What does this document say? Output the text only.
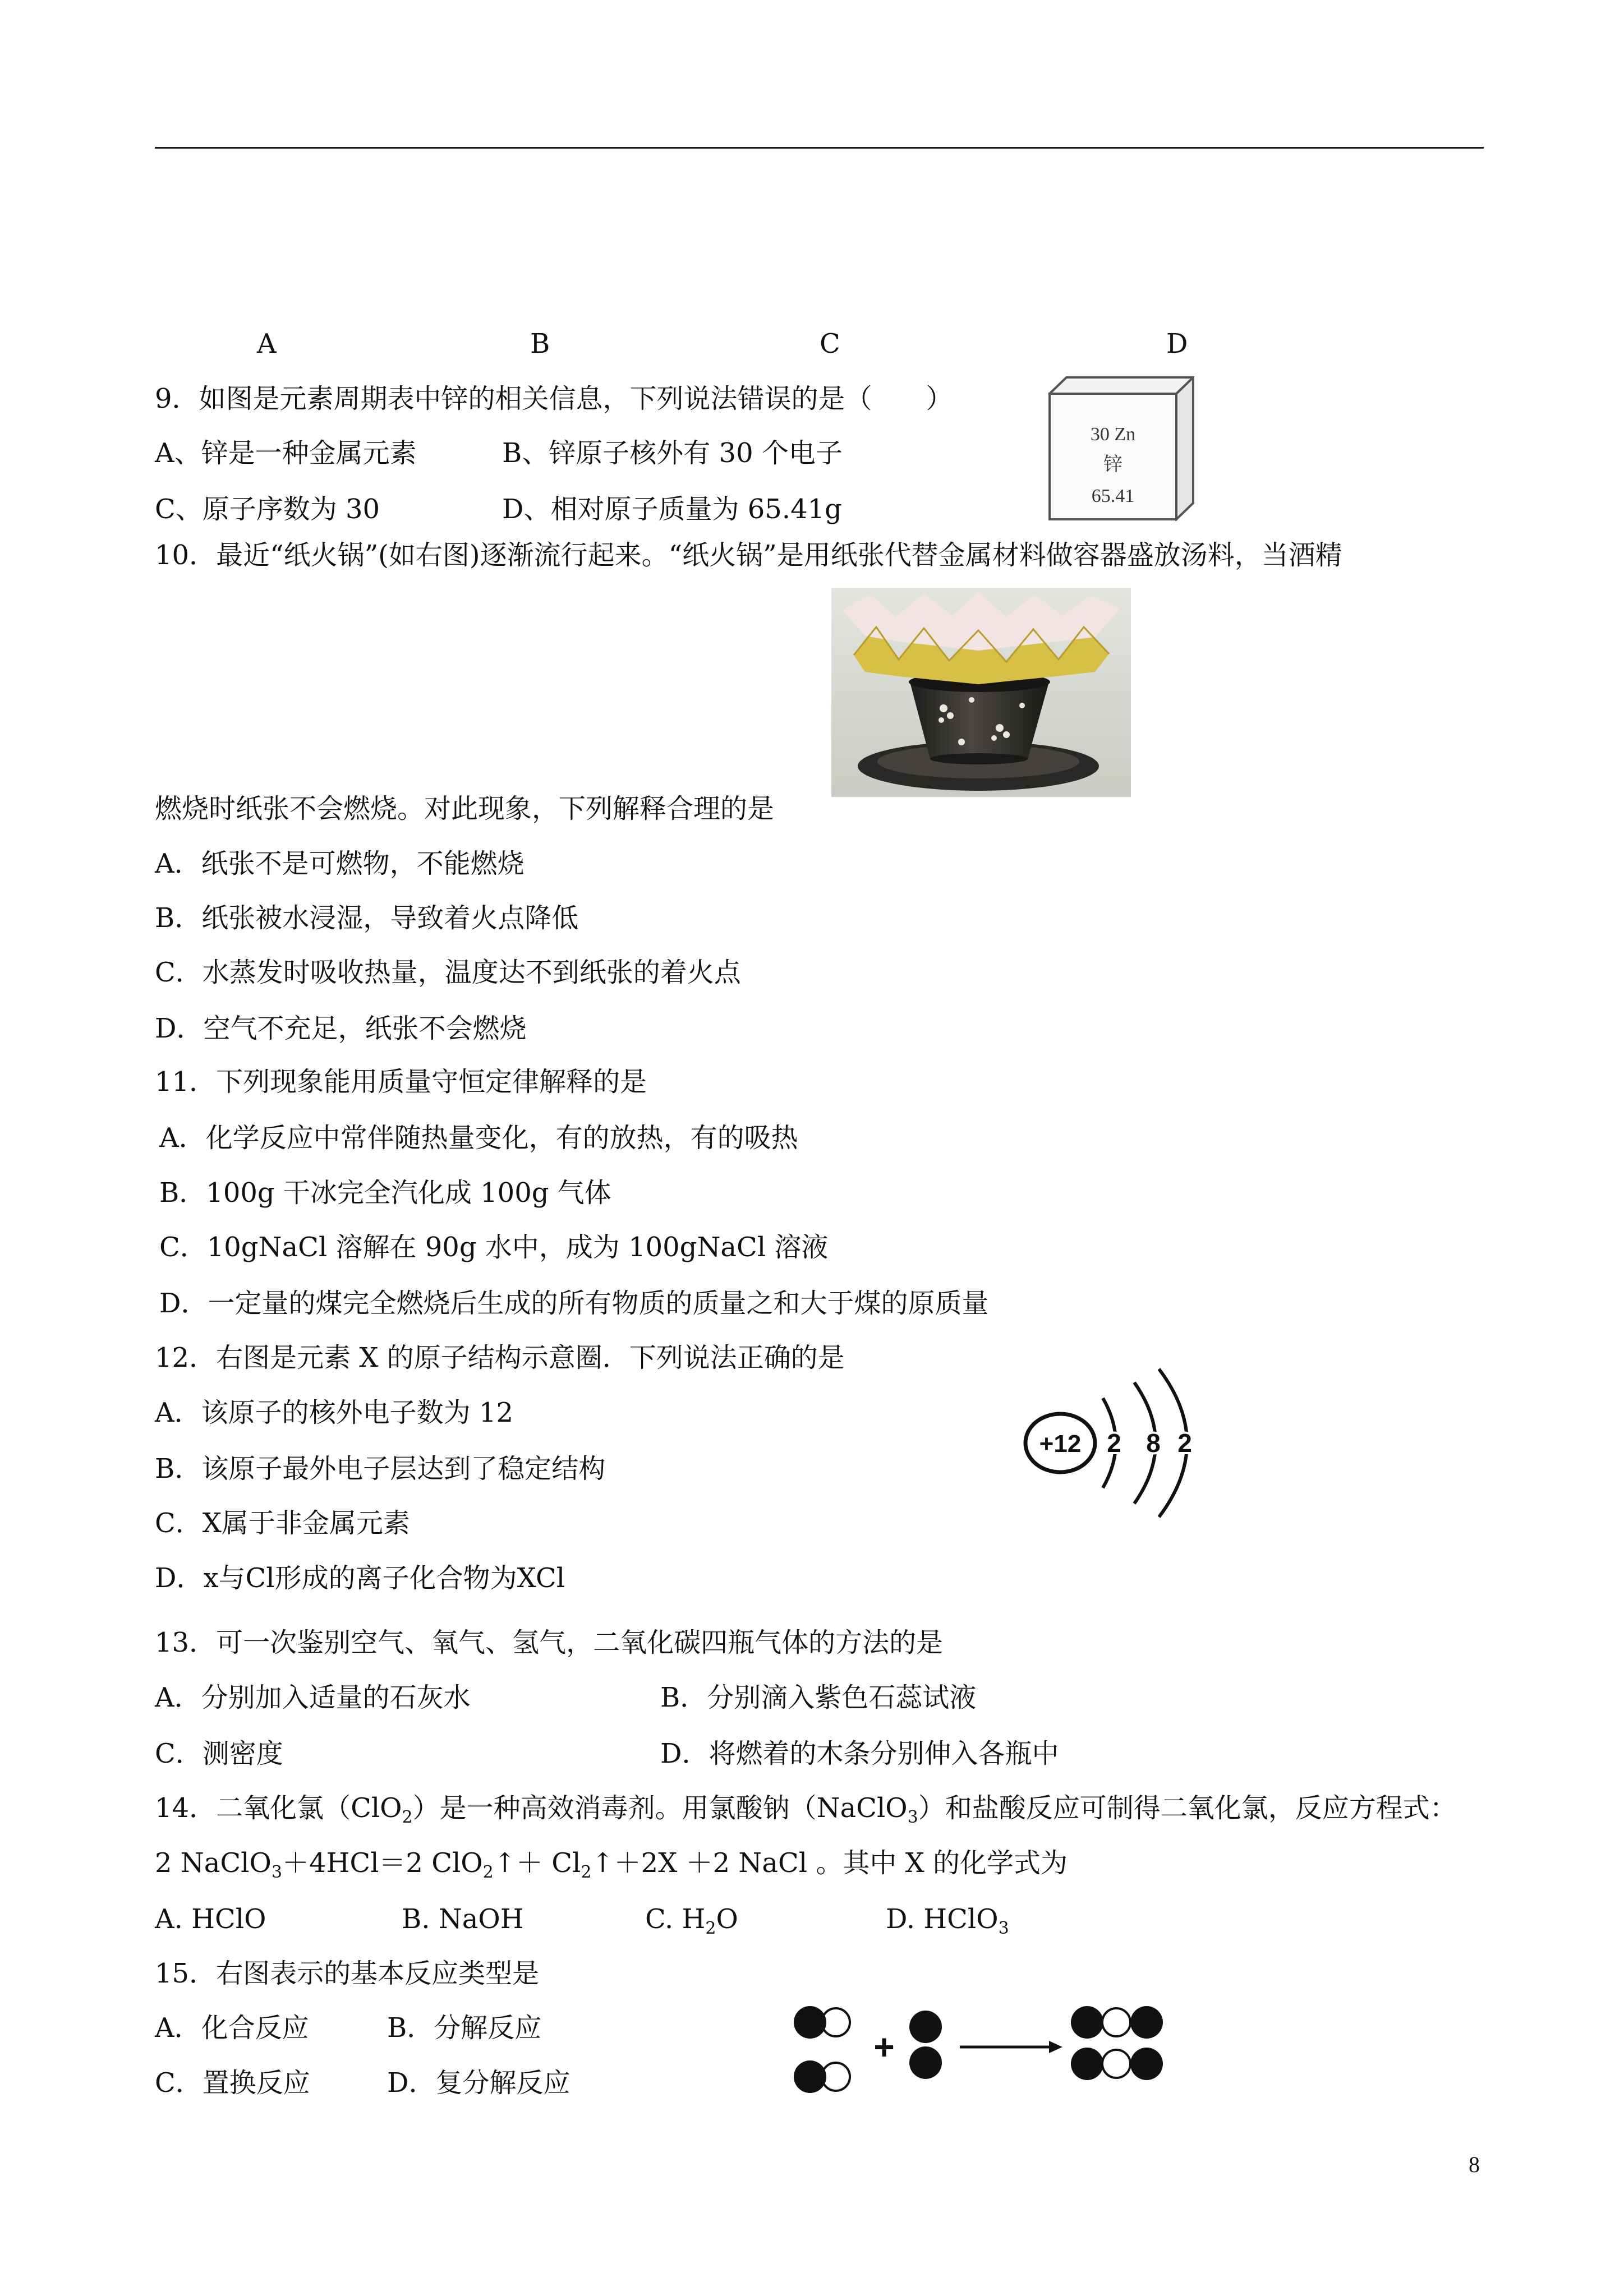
A	B	C	D
9．如图是元素周期表中锌的相关信息，下列说法错误的是（　　）
A、锌是一种金属元素	B、锌原子核外有 30 个电子
C、原子序数为 30	D、相对原子质量为 65.41g
30 Zn
锌
65.41
10．最近“纸火锅”(如右图)逐渐流行起来。“纸火锅”是用纸张代替金属材料做容器盛放汤料，当酒精
燃烧时纸张不会燃烧。对此现象，下列解释合理的是
A．纸张不是可燃物，不能燃烧
B．纸张被水浸湿，导致着火点降低
C．水蒸发时吸收热量，温度达不到纸张的着火点
D．空气不充足，纸张不会燃烧
11．下列现象能用质量守恒定律解释的是
A．化学反应中常伴随热量变化，有的放热，有的吸热
B．100g 干冰完全汽化成 100g 气体
C．10gNaCl 溶解在 90g 水中，成为 100gNaCl 溶液
D．一定量的煤完全燃烧后生成的所有物质的质量之和大于煤的原质量
12．右图是元素 X 的原子结构示意圈．下列说法正确的是
A．该原子的核外电子数为 12
B．该原子最外电子层达到了稳定结构
C．X属于非金属元素
D．x与Cl形成的离子化合物为XCl
+12 2 8 2
13．可一次鉴别空气、氧气、氢气，二氧化碳四瓶气体的方法的是
A．分别加入适量的石灰水	B．分别滴入紫色石蕊试液
C．测密度	D．将燃着的木条分别伸入各瓶中
14．二氧化氯（ClO$_2$）是一种高效消毒剂。用氯酸钠（NaClO$_3$）和盐酸反应可制得二氧化氯，反应方程式：
2 NaClO$_3$＋4HCl＝2 ClO$_2$↑＋ $Cl_2↑+2X +2$ NaCl 。其中 X 的化学式为
A. HClO	B. NaOH	C. $H_2O$	D. HClO$_3$
15．右图表示的基本反应类型是
A．化合反应	B．分解反应
C．置换反应	D．复分解反应
+
8
